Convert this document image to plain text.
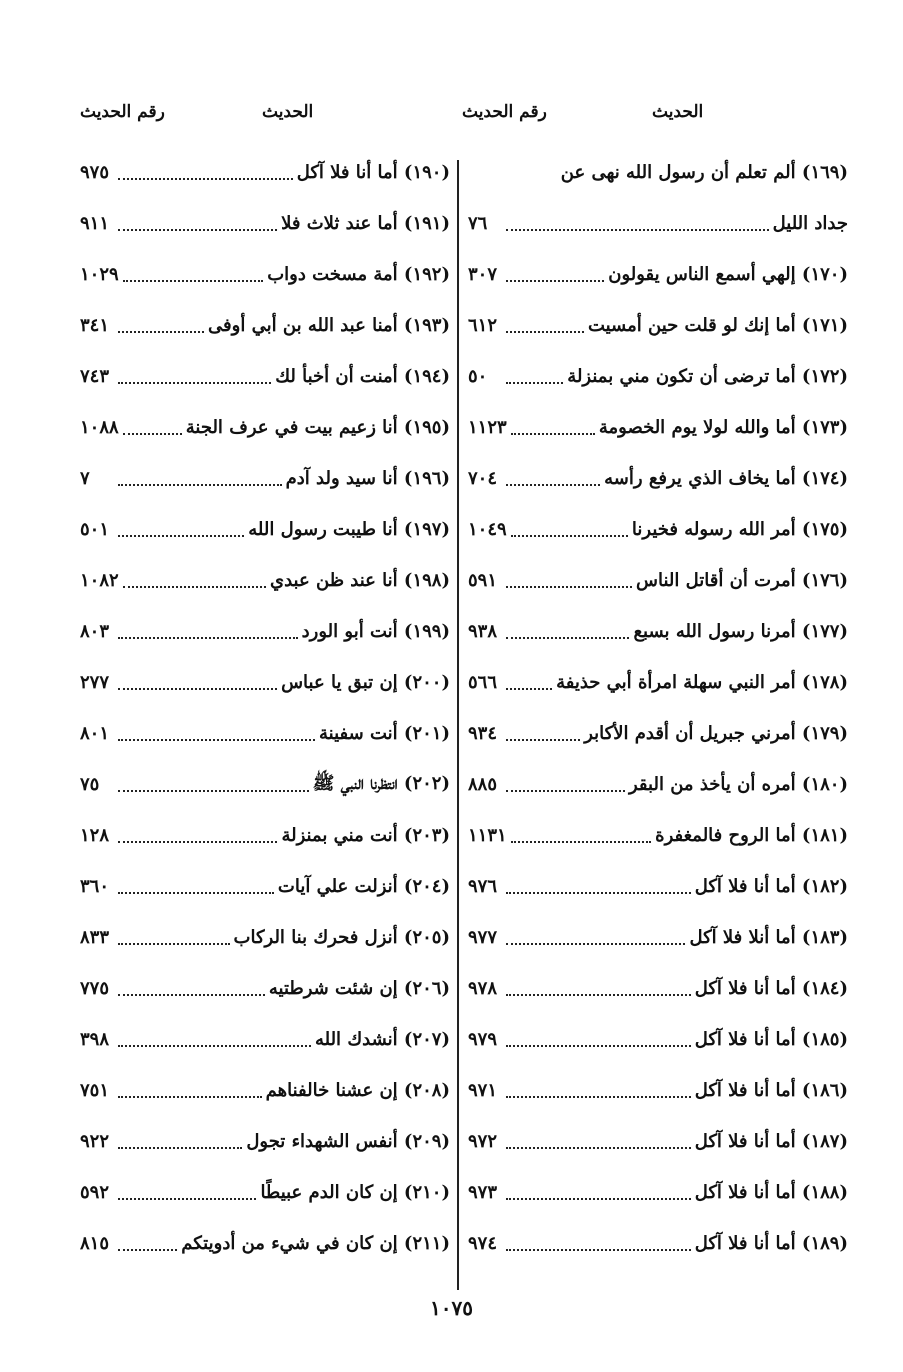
الحديث
رقم الحديث
الحديث
رقم الحديث
(١٦٩) ألم تعلم أن رسول الله نهى عن
جداد الليل
٧٦
(١٧٠) إلهي أسمع الناس يقولون
٣٠٧
(١٧١) أما إنك لو قلت حين أمسيت
٦١٢
(١٧٢) أما ترضى أن تكون مني بمنزلة
٥٠
(١٧٣) أما والله لولا يوم الخصومة
١١٢٣
(١٧٤) أما يخاف الذي يرفع رأسه
٧٠٤
(١٧٥) أمر الله رسوله فخيرنا
١٠٤٩
(١٧٦) أمرت أن أقاتل الناس
٥٩١
(١٧٧) أمرنا رسول الله بسبع
٩٣٨
(١٧٨) أمر النبي سهلة امرأة أبي حذيفة
٥٦٦
(١٧٩) أمرني جبريل أن أقدم الأكابر
٩٣٤
(١٨٠) أمره أن يأخذ من البقر
٨٨٥
(١٨١) أما الروح فالمغفرة
١١٣١
(١٨٢) أما أنا فلا آكل
٩٧٦
(١٨٣) أما أنلا فلا آكل
٩٧٧
(١٨٤) أما أنا فلا آكل
٩٧٨
(١٨٥) أما أنا فلا آكل
٩٧٩
(١٨٦) أما أنا فلا آكل
٩٧١
(١٨٧) أما أنا فلا آكل
٩٧٢
(١٨٨) أما أنا فلا آكل
٩٧٣
(١٨٩) أما أنا فلا آكل
٩٧٤
(١٩٠) أما أنا فلا آكل
٩٧٥
(١٩١) أما عند ثلاث فلا
٩١١
(١٩٢) أمة مسخت دواب
١٠٢٩
(١٩٣) أمنا عبد الله بن أبي أوفى
٣٤١
(١٩٤) أمنت أن أخبأ لك
٧٤٣
(١٩٥) أنا زعيم بيت في عرف الجنة
١٠٨٨
(١٩٦) أنا سيد ولد آدم
٧
(١٩٧) أنا طيبت رسول الله
٥٠١
(١٩٨) أنا عند ظن عبدي
١٠٨٢
(١٩٩) أنت أبو الورد
٨٠٣
(٢٠٠) إن تبق يا عباس
٢٧٧
(٢٠١) أنت سفينة
٨٠١
(٢٠٢) انتظرنا النبي ﷺ
٧٥
(٢٠٣) أنت مني بمنزلة
١٢٨
(٢٠٤) أنزلت علي آيات
٣٦٠
(٢٠٥) أنزل فحرك بنا الركاب
٨٣٣
(٢٠٦) إن شئت شرطتيه
٧٧٥
(٢٠٧) أنشدك الله
٣٩٨
(٢٠٨) إن عشنا خالفناهم
٧٥١
(٢٠٩) أنفس الشهداء تجول
٩٢٢
(٢١٠) إن كان الدم عبيطًا
٥٩٢
(٢١١) إن كان في شيء من أدويتكم
٨١٥
١٠٧٥
